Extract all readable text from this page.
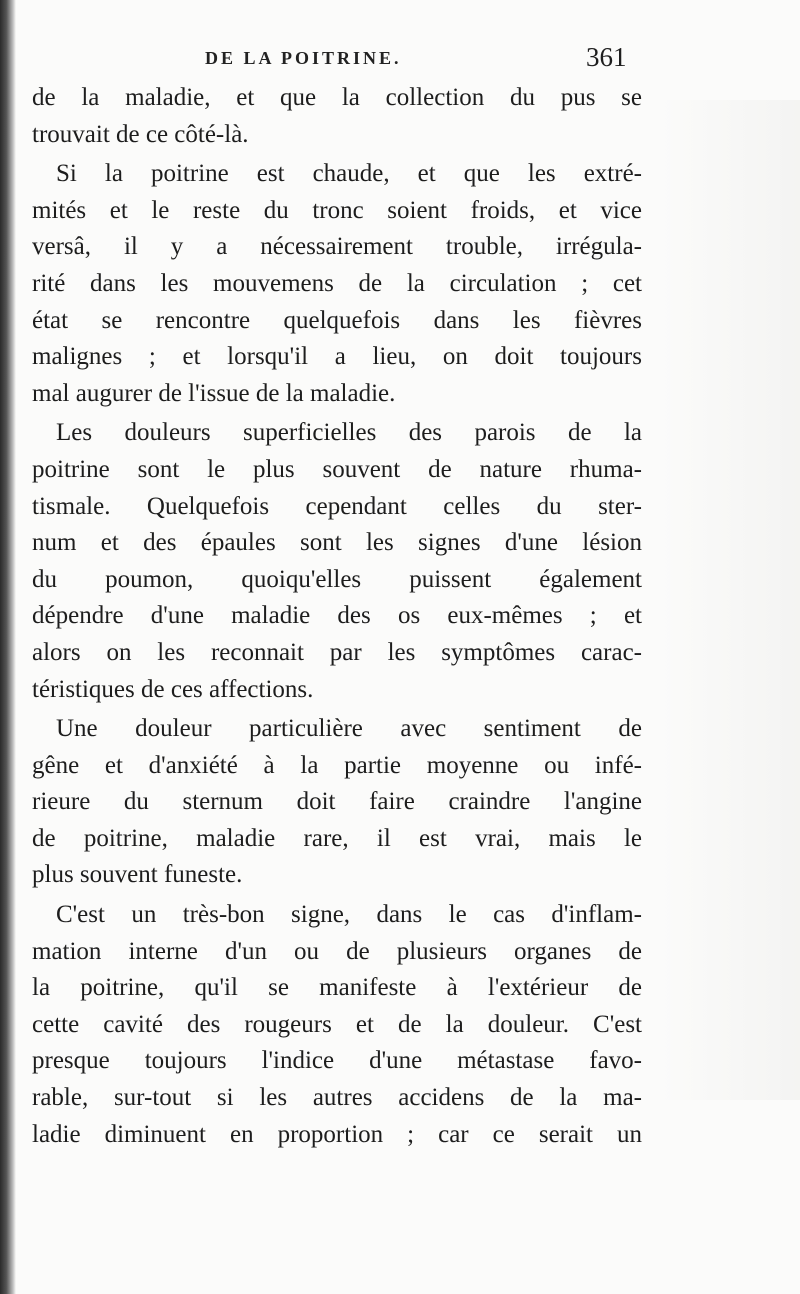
DE LA POITRINE.	361
de la maladie, et que la collection du pus se
trouvait de ce côté-là.
Si la poitrine est chaude, et que les extré-
mités et le reste du tronc soient froids, et vice
versâ, il y a nécessairement trouble, irrégula-
rité dans les mouvemens de la circulation ; cet
état se rencontre quelquefois dans les fièvres
malignes ; et lorsqu'il a lieu, on doit toujours
mal augurer de l'issue de la maladie.
Les douleurs superficielles des parois de la
poitrine sont le plus souvent de nature rhuma-
tismale. Quelquefois cependant celles du ster-
num et des épaules sont les signes d'une lésion
du poumon, quoiqu'elles puissent également
dépendre d'une maladie des os eux-mêmes ; et
alors on les reconnait par les symptômes carac-
téristiques de ces affections.
Une douleur particulière avec sentiment de
gêne et d'anxiété à la partie moyenne ou infé-
rieure du sternum doit faire craindre l'angine
de poitrine, maladie rare, il est vrai, mais le
plus souvent funeste.
C'est un très-bon signe, dans le cas d'inflam-
mation interne d'un ou de plusieurs organes de
la poitrine, qu'il se manifeste à l'extérieur de
cette cavité des rougeurs et de la douleur. C'est
presque toujours l'indice d'une métastase favo-
rable, sur-tout si les autres accidens de la ma-
ladie diminuent en proportion ; car ce serait un
